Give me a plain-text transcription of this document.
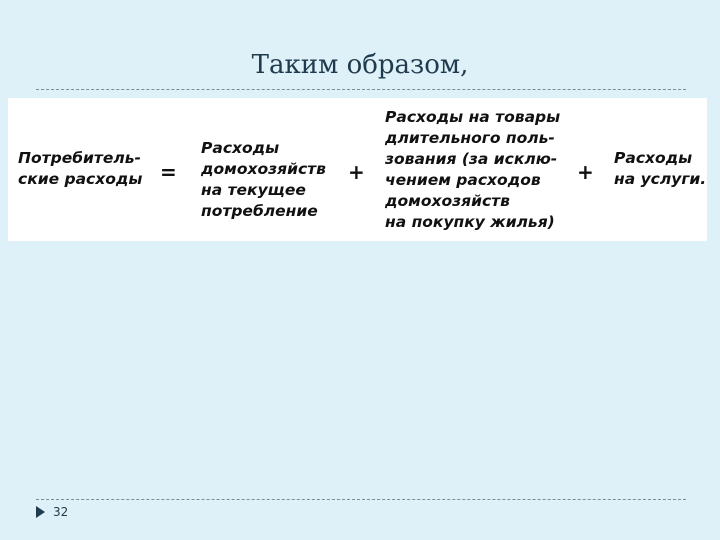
Таким образом,
Потребитель-
ские расходы =
Расходы
домохозяйств
на текущее
потребление
+
Расходы на товары
длительного поль-
зования (за исклю-
чением расходов
домохозяйств
на покупку жилья)
+
Расходы
на услуги.
32
